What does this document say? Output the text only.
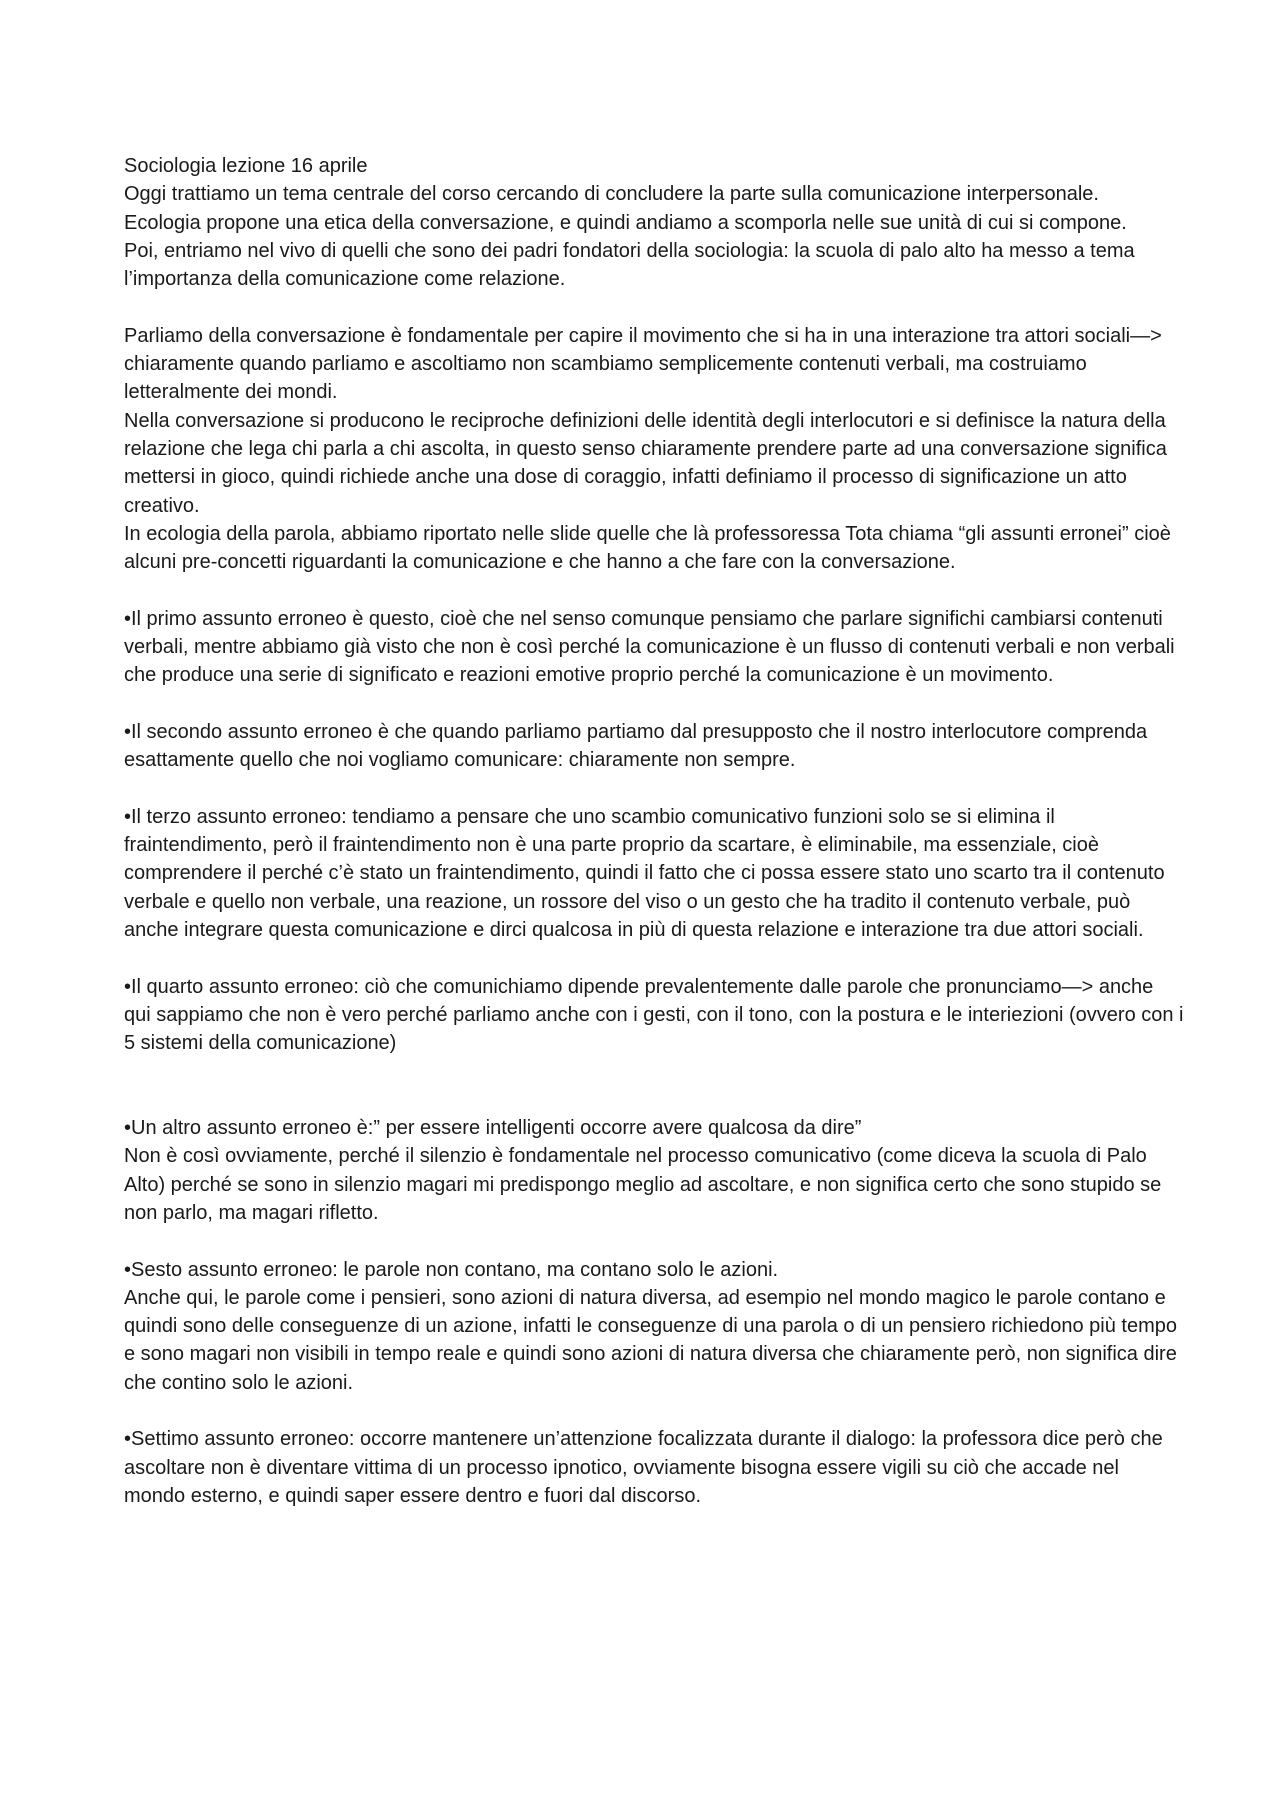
Sociologia lezione 16 aprile

Oggi trattiamo un tema centrale del corso cercando di concludere la parte sulla comunicazione interpersonale.

Ecologia propone una etica della conversazione, e quindi andiamo a scomporla nelle sue unità di cui si compone.

Poi, entriamo nel vivo di quelli che sono dei padri fondatori della sociologia: la scuola di palo alto ha messo a tema l’importanza della comunicazione come relazione.

Parliamo della conversazione è fondamentale per capire il movimento che si ha in una interazione tra attori sociali—> chiaramente quando parliamo e ascoltiamo non scambiamo semplicemente contenuti verbali, ma costruiamo letteralmente dei mondi.

Nella conversazione si producono le reciproche definizioni delle identità degli interlocutori e si definisce la natura della relazione che lega chi parla a chi ascolta, in questo senso chiaramente prendere parte ad una conversazione significa mettersi in gioco, quindi richiede anche una dose di coraggio, infatti definiamo il processo di significazione un atto creativo.

In ecologia della parola, abbiamo riportato nelle slide quelle che là professoressa Tota chiama “gli assunti erronei” cioè alcuni pre-concetti riguardanti la comunicazione e che hanno a che fare con la conversazione.

•Il primo assunto erroneo è questo, cioè che nel senso comunque pensiamo che parlare significhi cambiarsi contenuti verbali, mentre abbiamo già visto che non è così perché la comunicazione è un flusso di contenuti verbali e non verbali che produce una serie di significato e reazioni emotive proprio perché la comunicazione è un movimento.

•Il secondo assunto erroneo è che quando parliamo partiamo dal presupposto che il nostro interlocutore comprenda esattamente quello che noi vogliamo comunicare: chiaramente non sempre.

•Il terzo assunto erroneo: tendiamo a pensare che uno scambio comunicativo funzioni solo se si elimina il fraintendimento, però il fraintendimento non è una parte proprio da scartare, è eliminabile, ma essenziale, cioè comprendere il perché c’è stato un fraintendimento, quindi il fatto che ci possa essere stato uno scarto tra il contenuto verbale e quello non verbale, una reazione, un rossore del viso o un gesto che ha tradito il contenuto verbale, può anche integrare questa comunicazione e dirci qualcosa in più di questa relazione e interazione tra due attori sociali.

•Il quarto assunto erroneo: ciò che comunichiamo dipende prevalentemente dalle parole che pronunciamo—> anche qui sappiamo che non è vero perché parliamo anche con i gesti, con il tono, con la postura e le interiezioni (ovvero con i 5 sistemi della comunicazione)

•Un altro assunto erroneo è:” per essere intelligenti occorre avere qualcosa da dire”

Non è così ovviamente, perché il silenzio è fondamentale nel processo comunicativo (come diceva la scuola di Palo Alto) perché se sono in silenzio magari mi predispongo meglio ad ascoltare, e non significa certo che sono stupido se non parlo, ma magari rifletto.

•Sesto assunto erroneo: le parole non contano, ma contano solo le azioni.

Anche qui, le parole come i pensieri, sono azioni di natura diversa, ad esempio nel mondo magico le parole contano e quindi sono delle conseguenze di un azione, infatti le conseguenze di una parola o di un pensiero richiedono più tempo e sono magari non visibili in tempo reale e quindi sono azioni di natura diversa che chiaramente però, non significa dire che contino solo le azioni.

•Settimo assunto erroneo: occorre mantenere un’attenzione focalizzata durante il dialogo: la professora dice però che ascoltare non è diventare vittima di un processo ipnotico, ovviamente bisogna essere vigili su ciò che accade nel mondo esterno, e quindi saper essere dentro e fuori dal discorso.
